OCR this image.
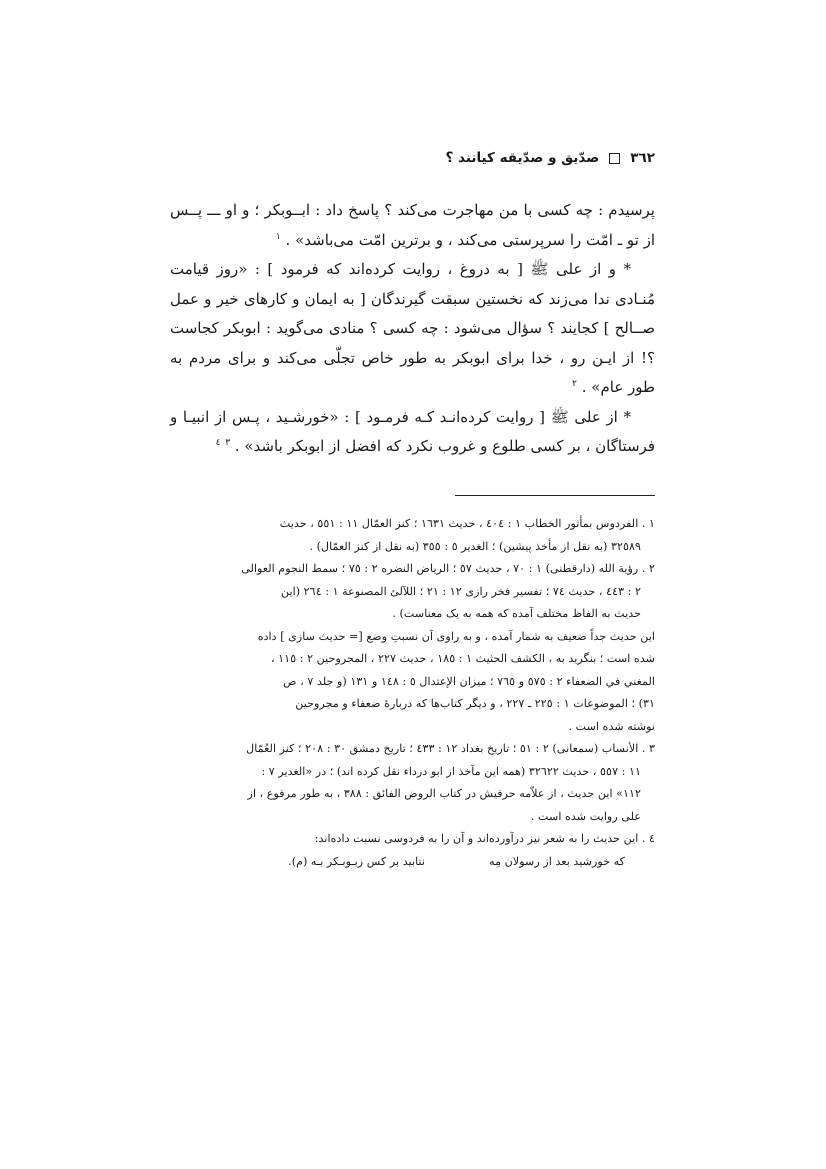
٣٦٢
صدّيق و صدّيقه كيانند ؟

پرسيدم : چه كسى با من مهاجرت مى‌كند ؟ پاسخ داد : ابــوبكر ؛ و او ـــ پــس از تو ـ امّت را سرپرستى مى‌كند ، و برترين امّت مى‌باشد» . $^١$

* و از على ﷺ [ به دروغ ، روايت كرده‌اند كه فرمود ] : «روز قيامت مُنـادى ندا مى‌زند كه نخستين سبقت گيرندگان [ به ايمان و كارهاى خير و عمل صــالح ] كجايند ؟ سؤال مى‌شود : چه كسى ؟ منادى مى‌گويد : ابوبكر كجاست ؟! از ايـن رو ، خدا براى ابوبكر به طور خاص تجلّى مى‌كند و براى مردم به طور عام» . $^٢$

* از على ﷺ [ روايت كرده‌انـد كـه فرمـود ] : «خورشـيد ، پـس از انبيـا و فرستاگان ، بر كسى طلوع و غروب نكرد كه افضل از ابوبكر باشد» . $^٣$ $^٤$

١ . الفردوس بمأثور الخطاب ١ : ٤٠٤ ، حديث ١٦٣١ ؛ كنز العمّال ١١ : ٥٥١ ، حديث
٣٢٥٨٩ (به نقل از مأخذ پيشين) ؛ الغدير ٥ : ٣٥٥ (به نقل از كنز العمّال) .
٢ . رؤية الله (دارقطنى) ١ : ٧٠ ، حديث ٥٧ ؛ الرياض النضره ٢ : ٧٥ ؛ سمط النجوم العوالى
٢ : ٤٤٣ ، حديث ٧٤ ؛ تفسير فخر رازى ١٢ : ٢١ ؛ اللآلئ المصنوعة ١ : ٢٦٤ (اين
حديث به الفاظ مختلف آمده كه همه به يک معناست) .
اين حديث جداً ضعيف به شمار آمده ، و به راوى آن نسبتِ وضع [= حديث سازى ] داده
شده است ؛ بنگريد به ، الكشف الحثيث ١ : ١٨٥ ، حديث ٢٢٧ ، المجروحين ٢ : ١١٥ ،
المغني في الضعفاء ٢ : ٥٧٥ و ٧٦٥ ؛ ميزان الإعتدال ٥ : ١٤٨ و ١٣١ (و جلد ٧ ، ص
٣١) ؛ الموضوعات ١ : ٢٢٥ ـ ٢٢٧ ، و ديگر كتاب‌ها كه دربارهٔ ضعفاء و مجروحين
نوشته شده است .
٣ . الأنساب (سمعانى) ٢ : ٥١ ؛ تاريخ بغداد ١٢ : ٤٣٣ ؛ تاريخ دمشق ٣٠ : ٢٠٨ ؛ كنز العُمّال
١١ : ٥٥٧ ، حديث ٣٢٦٢٢ (همه اين مآخذ از ابو درداء نقل كرده اند) ؛ در «الغدير ٧ :
١١٢» اين حديث ، از علاّمه حرفيش در كتاب الروض الفائق : ٣٨٨ ، به طور مرفوع ، از
على روايت شده است .
٤ . اين حديث را به شعر نيز درآورده‌اند و آن را به فردوسى نسبت داده‌اند:
كه خورشيد بعد از رسولان مِه
نتابيد بر كس زبـوبـكر بـه (م).
